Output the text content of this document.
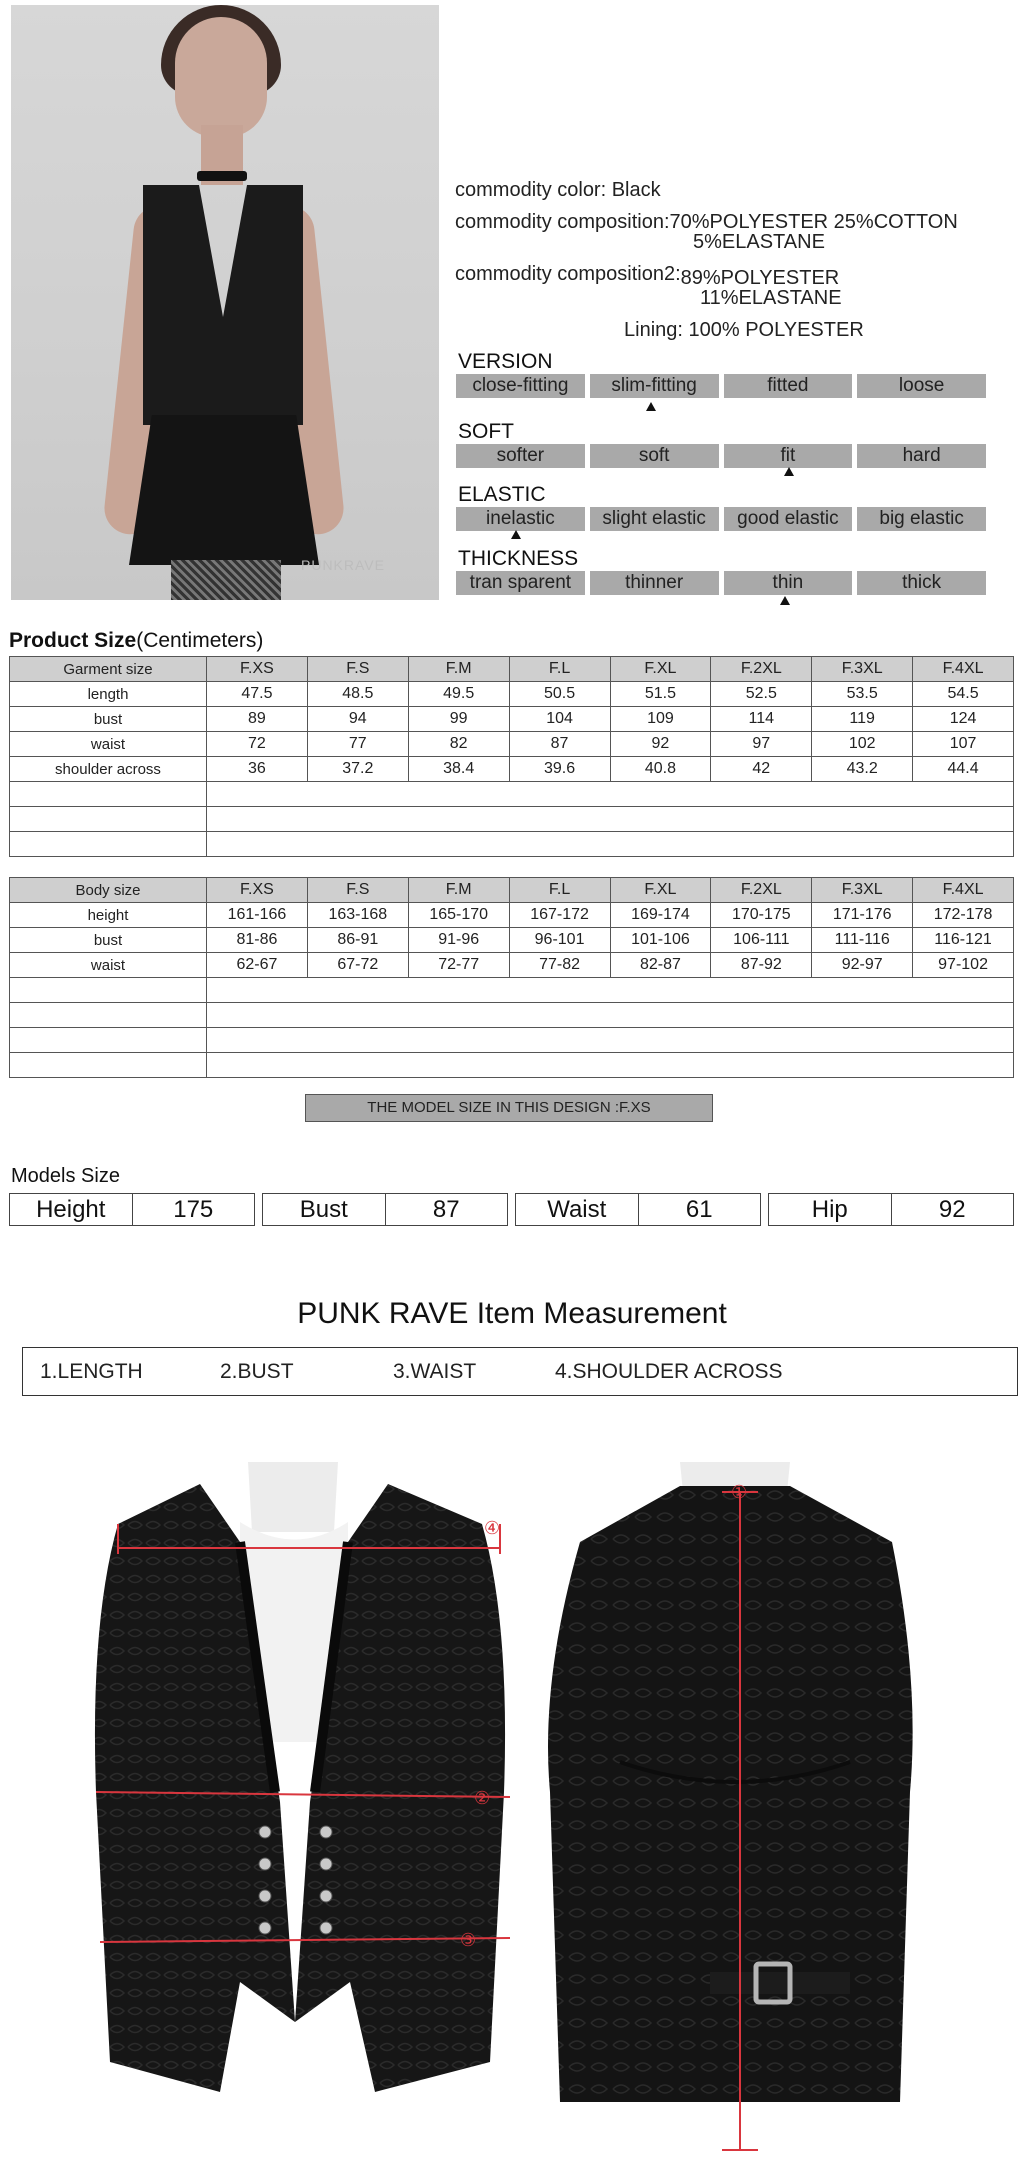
PUNKRAVE
commodity color: Black
commodity composition:70%POLYESTER 25%COTTON
5%ELASTANE
commodity composition2:89%POLYESTER
11%ELASTANE
Lining: 100% POLYESTER
VERSION
close-fitting	slim-fitting	fitted	loose
SOFT
softer	soft	fit	hard
ELASTIC
inelastic	slight elastic	good elastic	big elastic
THICKNESS
tran sparent	thinner	thin	thick
Product Size(Centimeters)
Garment size	F.XS	F.S	F.M	F.L	F.XL	F.2XL	F.3XL	F.4XL
length	47.5	48.5	49.5	50.5	51.5	52.5	53.5	54.5
bust	89	94	99	104	109	114	119	124
waist	72	77	82	87	92	97	102	107
shoulder across	36	37.2	38.4	39.6	40.8	42	43.2	44.4

Body size	F.XS	F.S	F.M	F.L	F.XL	F.2XL	F.3XL	F.4XL
height	161-166	163-168	165-170	167-172	169-174	170-175	171-176	172-178
bust	81-86	86-91	91-96	96-101	101-106	106-111	111-116	116-121
waist	62-67	67-72	72-77	77-82	82-87	87-92	92-97	97-102

THE MODEL SIZE IN THIS DESIGN :F.XS
Models Size
Height	175	Bust	87	Waist	61	Hip	92
PUNK RAVE Item Measurement
1.LENGTH	2.BUST	3.WAIST	4.SHOULDER ACROSS
④
②
③
①
